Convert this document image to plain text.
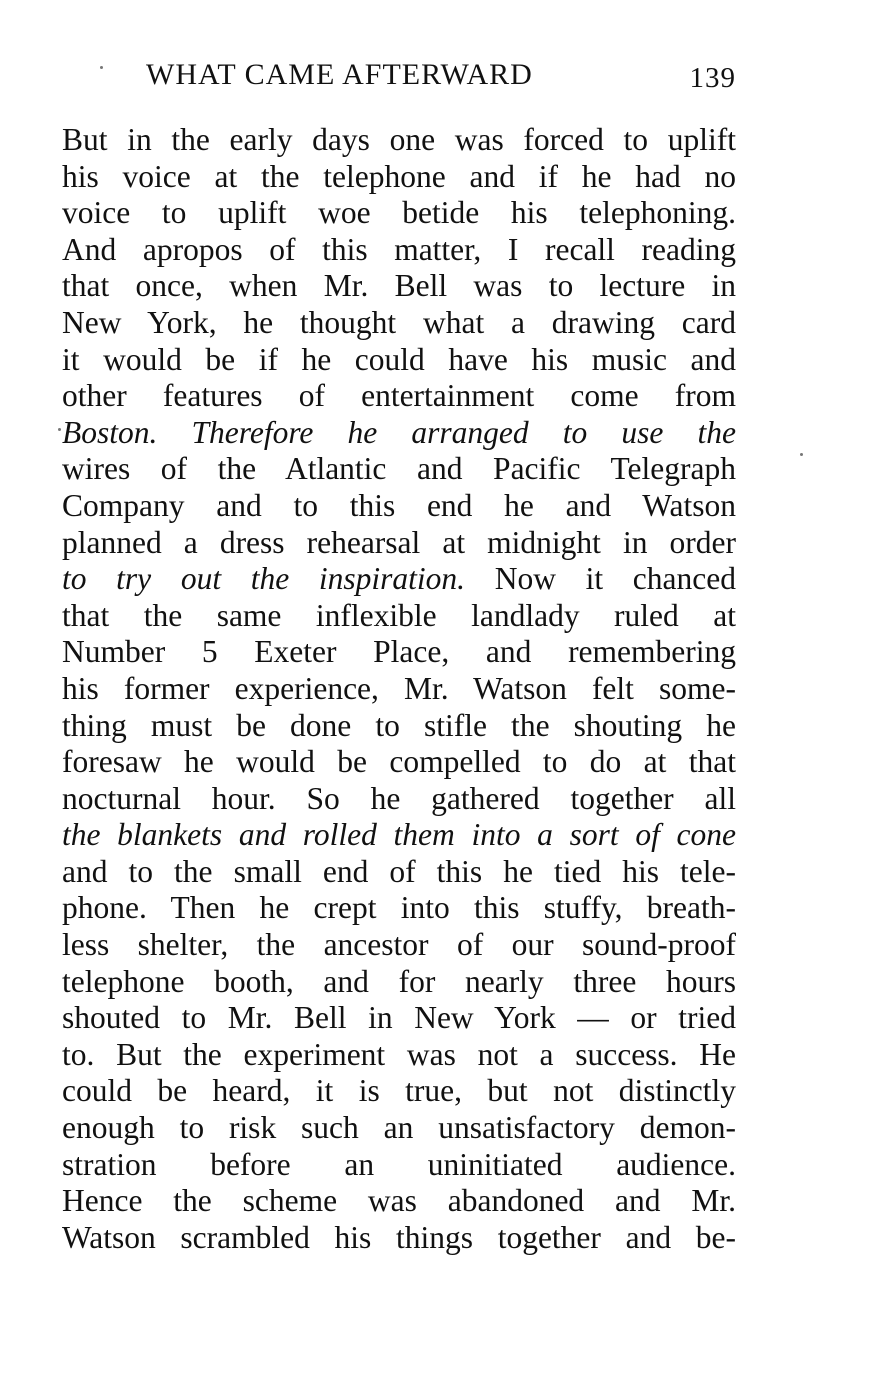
WHAT CAME AFTERWARD	139
But in the early days one was forced to uplift
his voice at the telephone and if he had no
voice to uplift woe betide his telephoning.
And apropos of this matter, I recall reading
that once, when Mr. Bell was to lecture in
New York, he thought what a drawing card
it would be if he could have his music and
other features of entertainment come from
Boston. Therefore he arranged to use the
wires of the Atlantic and Pacific Telegraph
Company and to this end he and Watson
planned a dress rehearsal at midnight in order
to try out the inspiration. Now it chanced
that the same inflexible landlady ruled at
Number 5 Exeter Place, and remembering
his former experience, Mr. Watson felt some-
thing must be done to stifle the shouting he
foresaw he would be compelled to do at that
nocturnal hour. So he gathered together all
the blankets and rolled them into a sort of cone
and to the small end of this he tied his tele-
phone. Then he crept into this stuffy, breath-
less shelter, the ancestor of our sound-proof
telephone booth, and for nearly three hours
shouted to Mr. Bell in New York — or tried
to. But the experiment was not a success. He
could be heard, it is true, but not distinctly
enough to risk such an unsatisfactory demon-
stration before an uninitiated audience.
Hence the scheme was abandoned and Mr.
Watson scrambled his things together and be-
